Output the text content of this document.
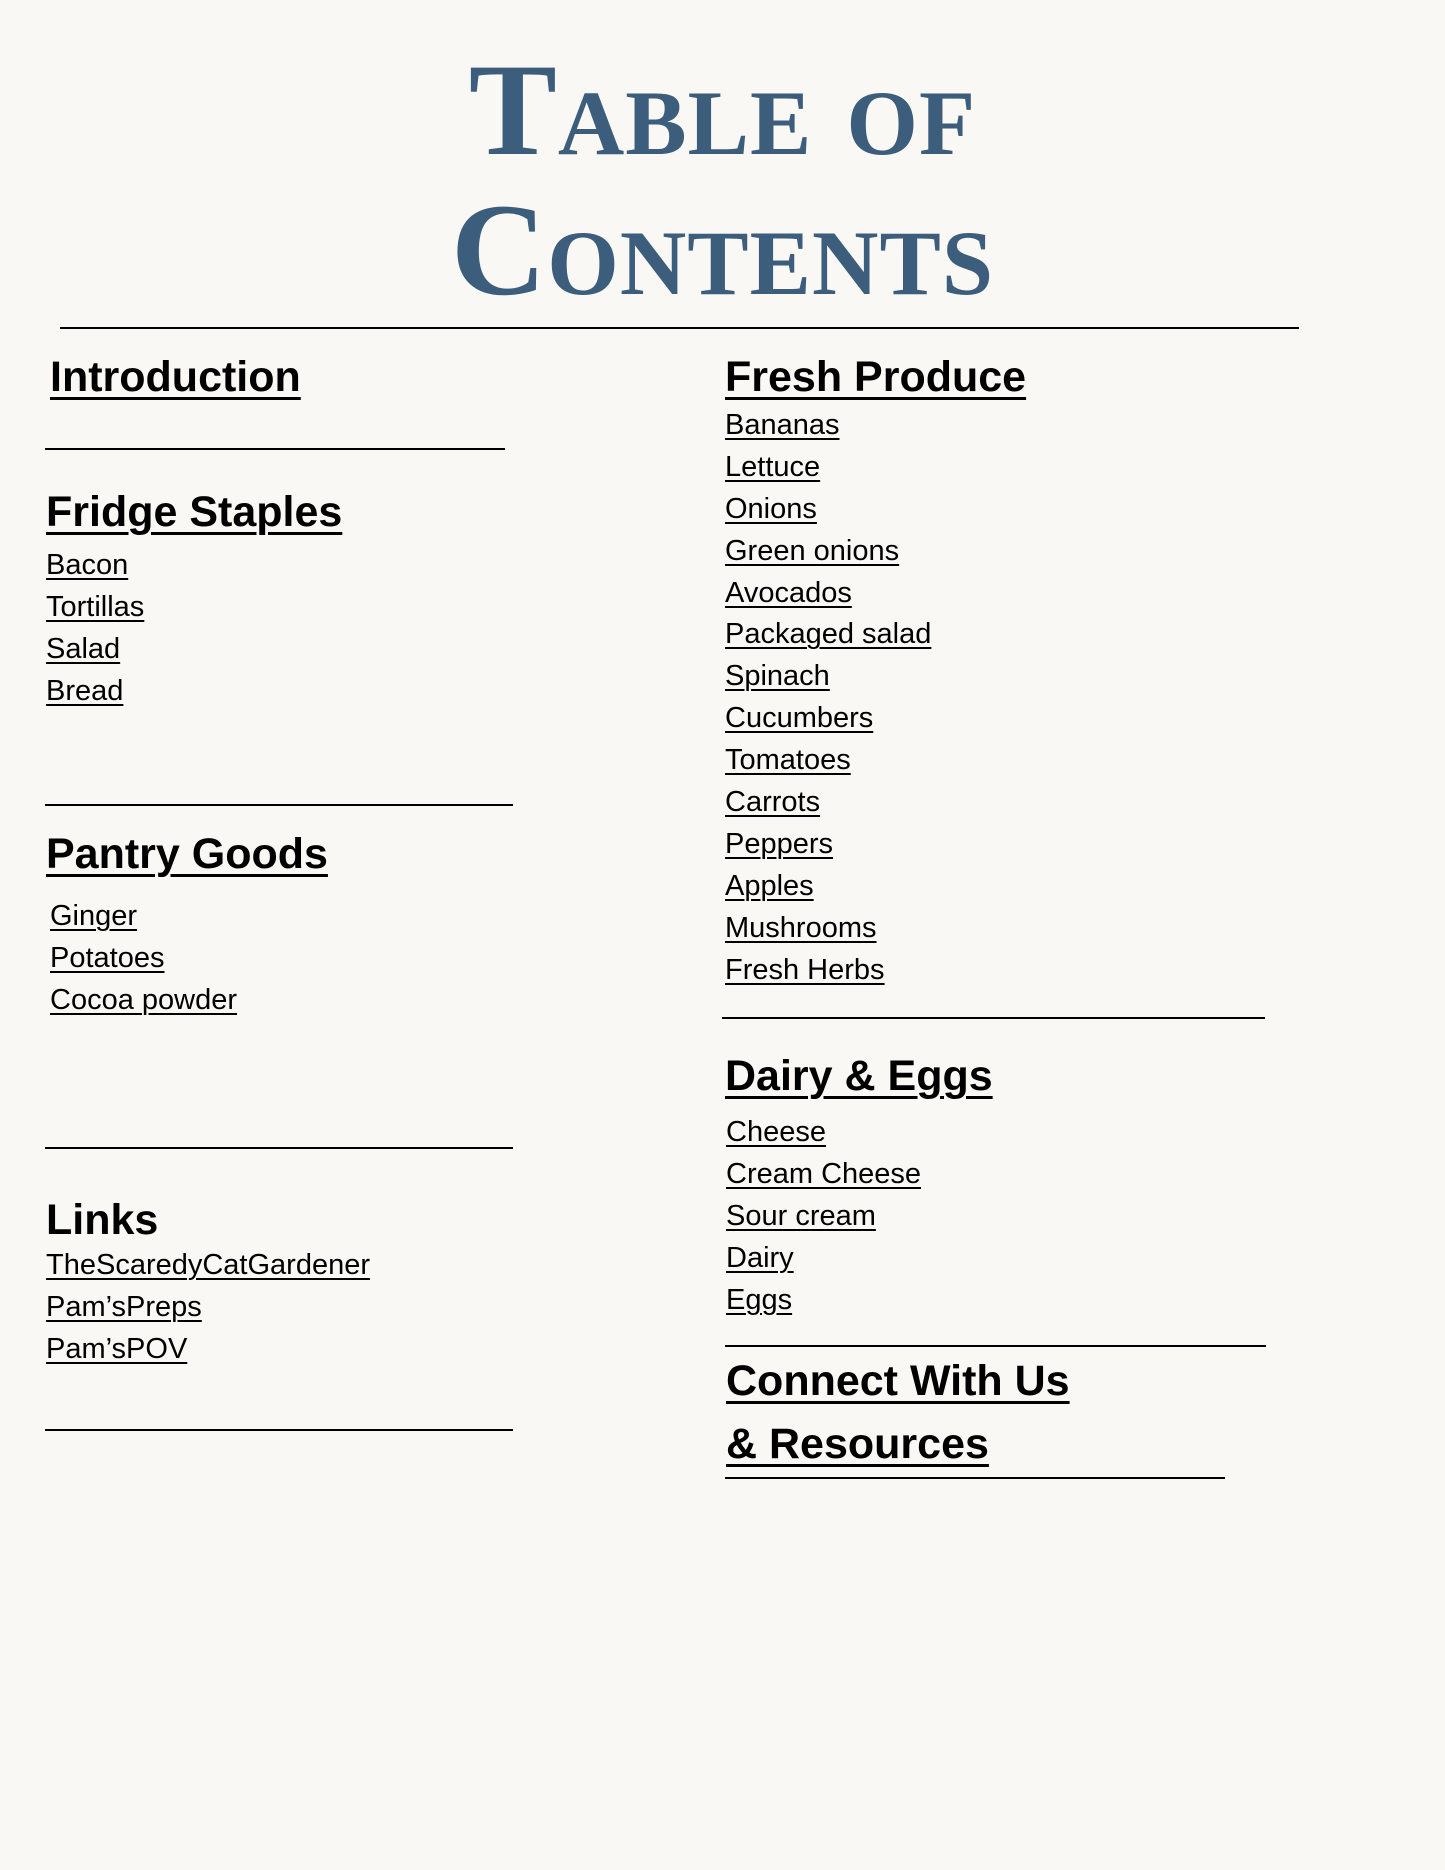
Table of
Contents
Introduction
Fridge Staples
Bacon
Tortillas
Salad
Bread
Pantry Goods
Ginger
Potatoes
Cocoa powder
Links
TheScaredyCatGardener
Pam’sPreps
Pam’sPOV
Fresh Produce
Bananas
Lettuce
Onions
Green onions
Avocados
Packaged salad
Spinach
Cucumbers
Tomatoes
Carrots
Peppers
Apples
Mushrooms
Fresh Herbs
Dairy & Eggs
Cheese
Cream Cheese
Sour cream
Dairy
Eggs
Connect With Us
& Resources
